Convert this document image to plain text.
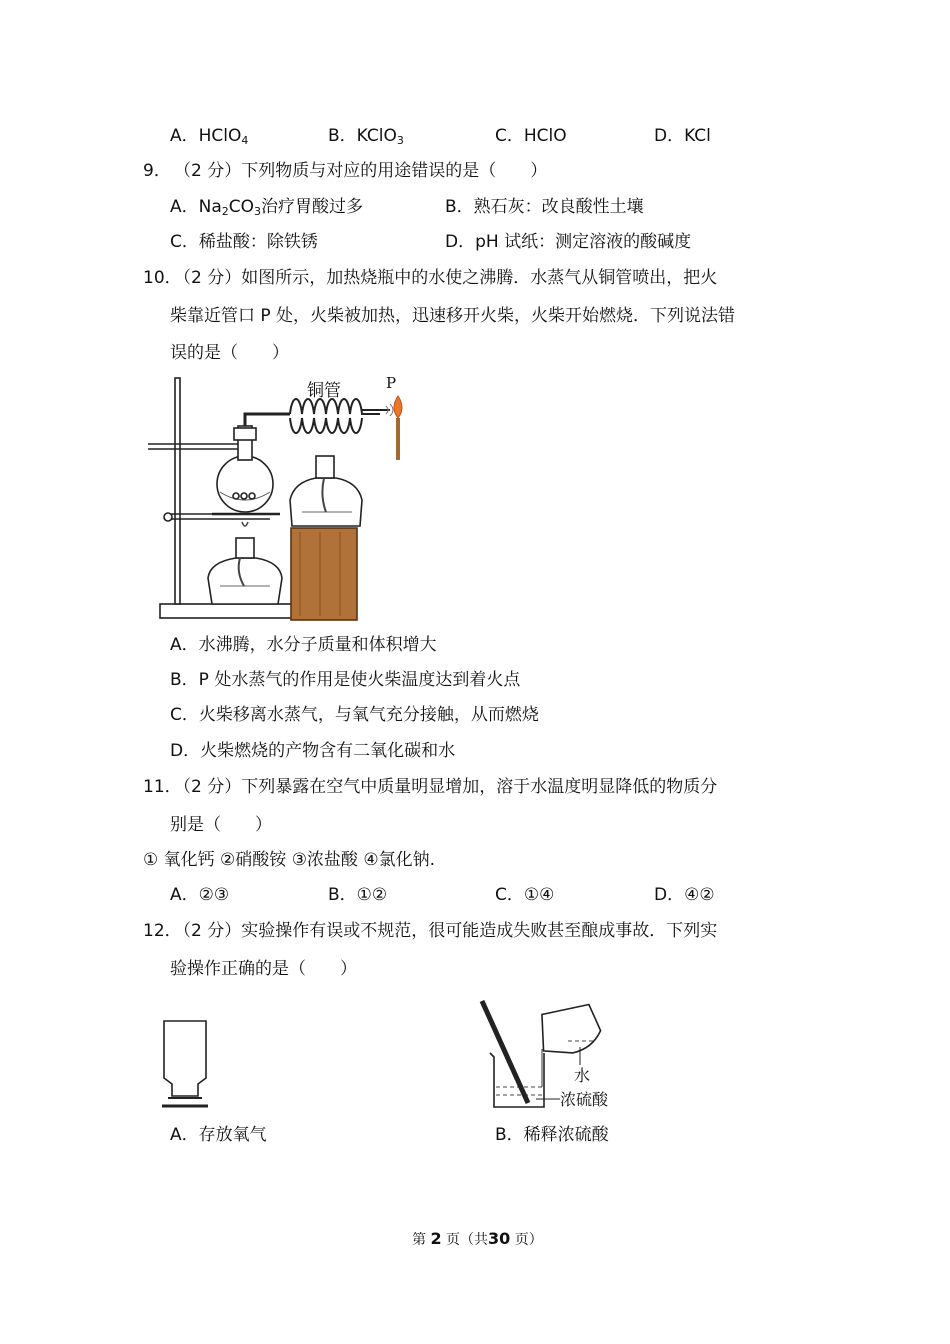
A．HClO$_4$	B．KClO$_3$	C．HClO	D．KCl
9． （2 分）下列物质与对应的用途错误的是（　　）
A．$Na_2CO_3$治疗胃酸过多	B．熟石灰：改良酸性土壤
C．稀盐酸：除铁锈	D．pH 试纸：测定溶液的酸碱度
10．
（2 分）如图所示，加热烧瓶中的水使之沸腾．水蒸气从铜管喷出，把火
柴靠近管口 P 处，火柴被加热，迅速移开火柴，火柴开始燃烧．下列说法错
误的是（　　）
铜管	P
A．水沸腾，水分子质量和体积增大
B．P 处水蒸气的作用是使火柴温度达到着火点
C．火柴移离水蒸气，与氧气充分接触，从而燃烧
D．火柴燃烧的产物含有二氧化碳和水
11．
（2 分）下列暴露在空气中质量明显增加，溶于水温度明显降低的物质分
别是（　　）
① 氧化钙 ②硝酸铵 ③浓盐酸 ④氯化钠.
A．②③	B．①②	C．①④	D．④②
12．
（2 分）实验操作有误或不规范，很可能造成失败甚至酿成事故．下列实
验操作正确的是（　　）
水
浓硫酸
A．存放氧气	B．稀释浓硫酸
第 2 页（共30 页）
